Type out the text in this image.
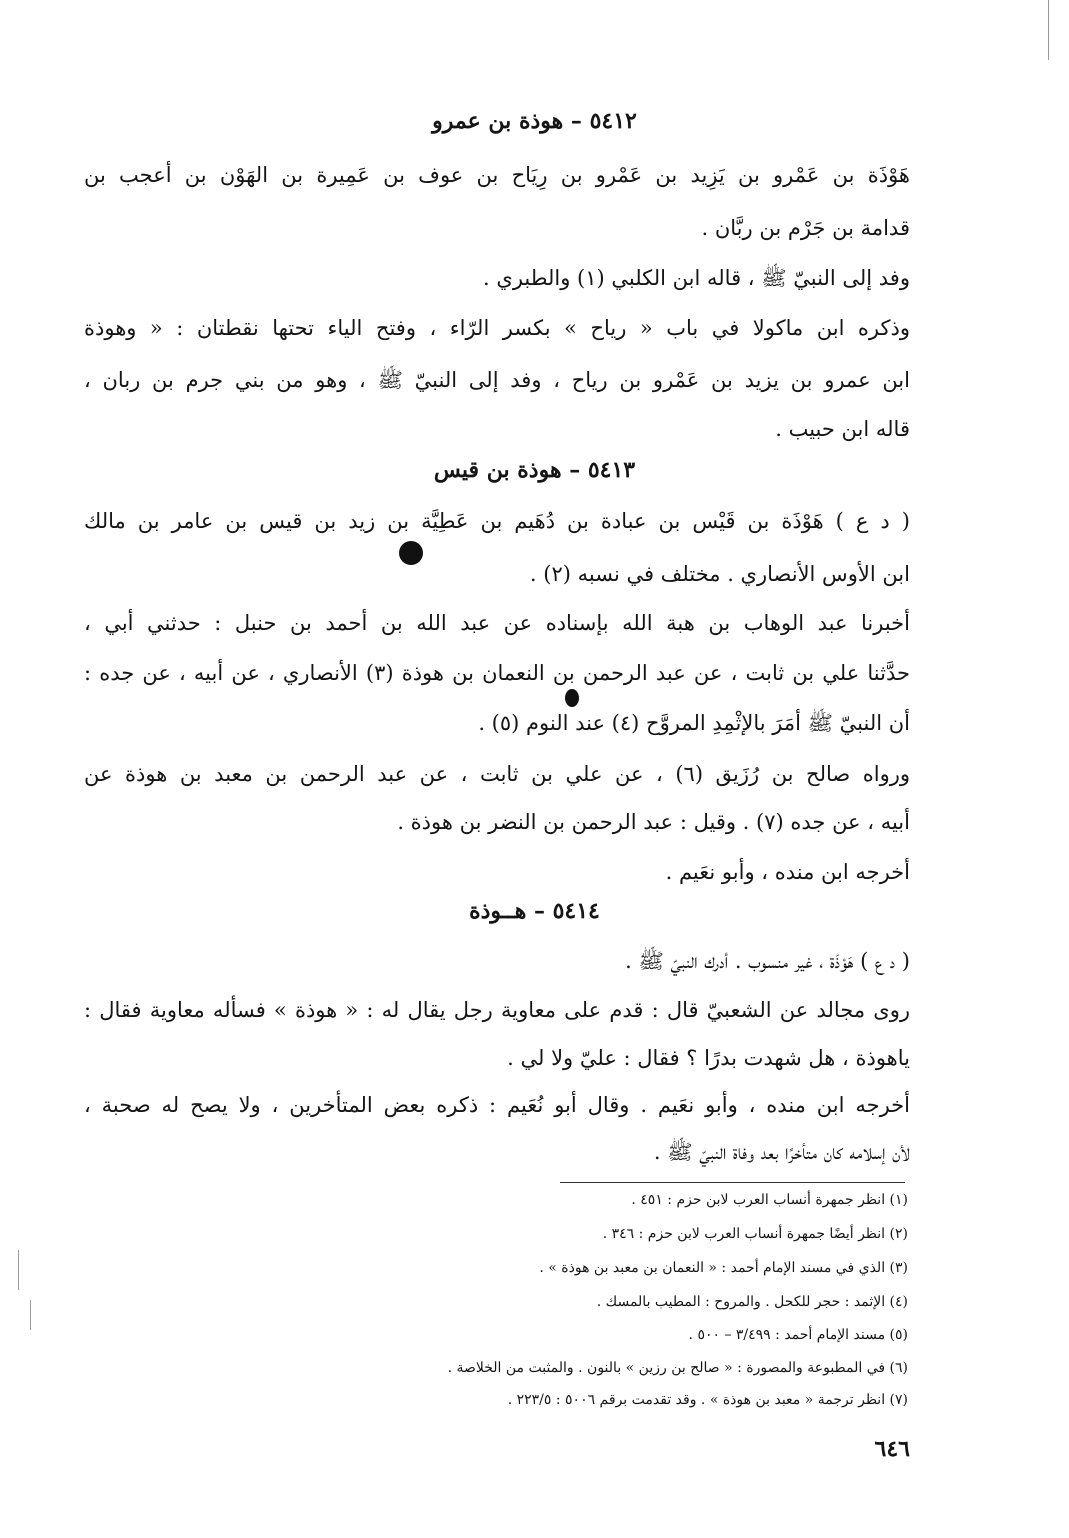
٥٤١٢ – هوذة بن عمرو
هَوْذَة بن عَمْرو بن يَزِيد بن عَمْرو بن رِيَاح بن عوف بن عَمِيرة بن الهَوْن بن أعجب بن
قدامة بن جَرْم بن ربَّان .
وفد إلى النبيّ ﷺ ، قاله ابن الكلبي (١) والطبري .
وذكره ابن ماكولا في باب « رياح » بكسر الرّاء ، وفتح الياء تحتها نقطتان : « وهوذة
ابن عمرو بن يزيد بن عَمْرو بن رياح ، وفد إلى النبيّ ﷺ ، وهو من بني جرم بن ربان ،
قاله ابن حبيب .
٥٤١٣ – هوذة بن قيس
( د ع ) هَوْذَة بن قَيْس بن عبادة بن دُهَيم بن عَطِيَّة بن زيد بن قيس بن عامر بن مالك
ابن الأوس الأنصاري . مختلف في نسبه (٢) .
أخبرنا عبد الوهاب بن هبة الله بإسناده عن عبد الله بن أحمد بن حنبل : حدثني أبي ،
حدَّثنا علي بن ثابت ، عن عبد الرحمن بن النعمان بن هوذة (٣) الأنصاري ، عن أبيه ، عن جده :
أن النبيّ ﷺ أمَرَ بالإثْمِدِ المروَّح (٤) عند النوم (٥) .
ورواه صالح بن رُزَيق (٦) ، عن علي بن ثابت ، عن عبد الرحمن بن معبد بن هوذة عن
أبيه ، عن جده (٧) . وقيل : عبد الرحمن بن النضر بن هوذة .
أخرجه ابن منده ، وأبو نعَيم .
٥٤١٤ – هــوذة
( د ع ) هَوْذَة ، غير منسوب . أدرك النبيّ ﷺ .
روى مجالد عن الشعبيّ قال : قدم على معاوية رجل يقال له : « هوذة » فسأله معاوية فقال :
ياهوذة ، هل شهدت بدرًا ؟ فقال : عليّ ولا لي .
أخرجه ابن منده ، وأبو نعَيم . وقال أبو نُعَيم : ذكره بعض المتأخرين ، ولا يصح له صحبة ،
لأن إسلامه كان متأخرًا بعد وفاة النبيّ ﷺ .
(١) انظر جمهرة أنساب العرب لابن حزم : ٤٥١ .
(٢) انظر أيضًا جمهرة أنساب العرب لابن حزم : ٣٤٦ .
(٣) الذي في مسند الإمام أحمد : « النعمان بن معبد بن هوذة » .
(٤) الإثمد : حجر للكحل . والمروح : المطيب بالمسك .
(٥) مسند الإمام أحمد : ٣/٤٩٩ – ٥٠٠ .
(٦) في المطبوعة والمصورة : « صالح بن رزين » بالنون . والمثبت من الخلاصة .
(٧) انظر ترجمة « معبد بن هوذة » . وقد تقدمت برقم ٥٠٠٦ : ٢٢٣/٥ .
٦٤٦
